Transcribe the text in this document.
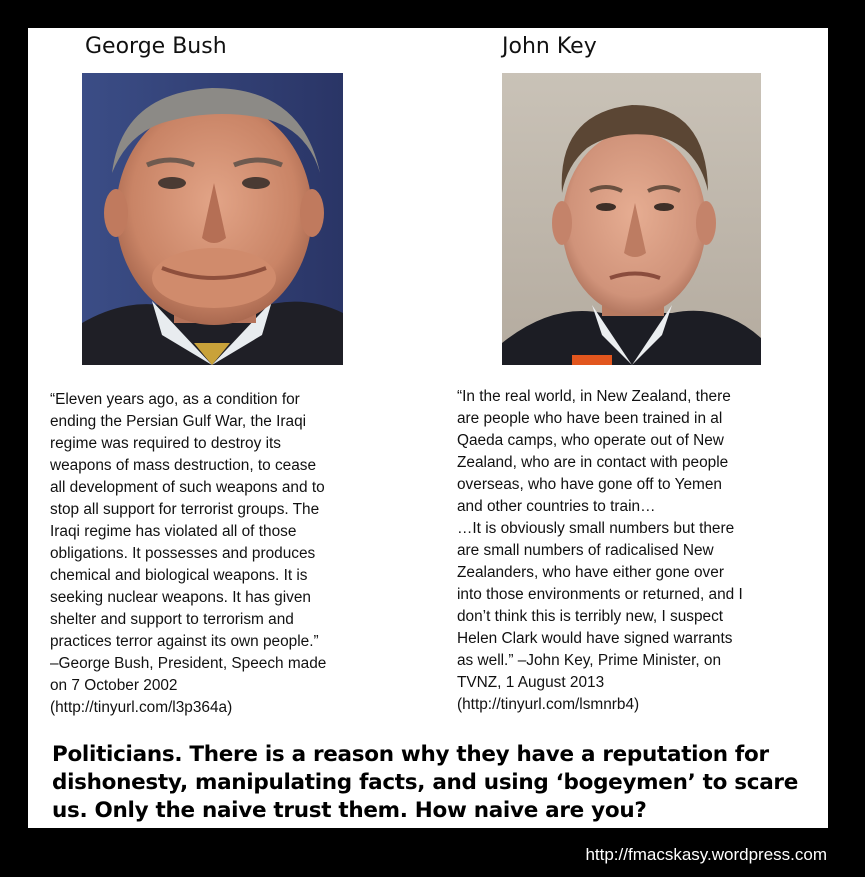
George Bush	John Key
“Eleven years ago, as a condition for
ending the Persian Gulf War, the Iraqi
regime was required to destroy its
weapons of mass destruction, to cease
all development of such weapons and to
stop all support for terrorist groups. The
Iraqi regime has violated all of those
obligations. It possesses and produces
chemical and biological weapons. It is
seeking nuclear weapons. It has given
shelter and support to terrorism and
practices terror against its own people.”
–George Bush, President, Speech made
on 7 October 2002
(http://tinyurl.com/l3p364a)
“In the real world, in New Zealand, there
are people who have been trained in al
Qaeda camps, who operate out of New
Zealand, who are in contact with people
overseas, who have gone off to Yemen
and other countries to train…
…It is obviously small numbers but there
are small numbers of radicalised New
Zealanders, who have either gone over
into those environments or returned, and I
don’t think this is terribly new, I suspect
Helen Clark would have signed warrants
as well.” –John Key, Prime Minister, on
TVNZ, 1 August 2013
(http://tinyurl.com/lsmnrb4)
Politicians. There is a reason why they have a reputation for dishonesty, manipulating facts, and using ‘bogeymen’ to scare us. Only the naive trust them. How naive are you?
http://fmacskasy.wordpress.com
